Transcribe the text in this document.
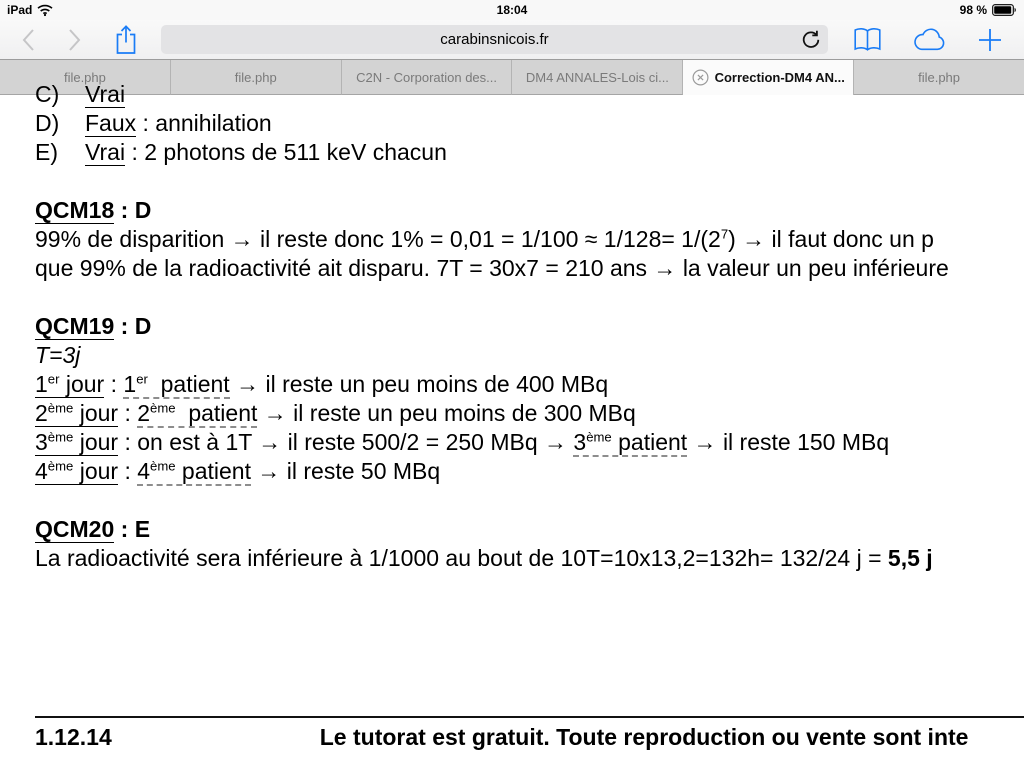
iPad	18:04	98 %
carabinsnicois.fr
file.php	file.php	C2N - Corporation des... DM4 ANNALES-Lois ci...	Correction-DM4 AN...	file.php
C) Vrai
D) Faux : annihilation
E) Vrai : 2 photons de 511 keV chacun
QCM18 : D
99% de disparition → il reste donc $1\% = 0,01 = 1/100 \approx 1/128= 1/(2^7)$ → il faut donc un p
que 99% de la radioactivité ait disparu. 7T = 30x7 = 210 ans → la valeur un peu inférieure
QCM19 : D
T=3j
1er jour : 1er  patient → il reste un peu moins de 400 MBq
2ème jour : 2ème  patient → il reste un peu moins de 300 MBq
3ème jour : on est à 1T → il reste 500/2 = 250 MBq → 3ème patient → il reste 150 MBq
4ème jour : 4ème patient → il reste 50 MBq
QCM20 : E
La radioactivité sera inférieure à 1/1000 au bout de 10T=10x13,2=132h= 132/24 j = 5,5 j
1.12.14	Le tutorat est gratuit. Toute reproduction ou vente sont inte
